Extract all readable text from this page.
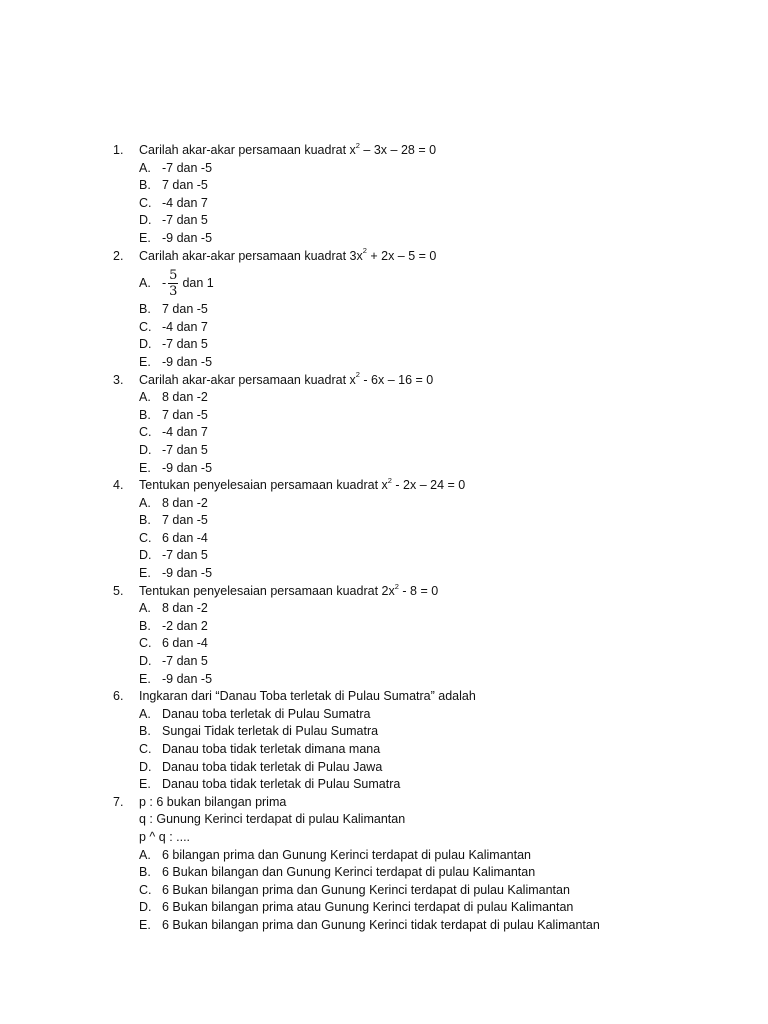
1.	Carilah akar-akar persamaan kuadrat $x^2 - 3x - 28 = 0$
A. -7 dan -5
B. 7 dan -5
C. -4 dan 7
D. -7 dan 5
E. -9 dan -5
2.	Carilah akar-akar persamaan kuadrat $3x^2 + 2x - 5 = 0$
A. - $\frac{5}{3}$ dan 1
B. 7 dan -5
C. -4 dan 7
D. -7 dan 5
E. -9 dan -5
3.	Carilah akar-akar persamaan kuadrat $x^2 - 6x - 16 = 0$
A. 8 dan -2
B. 7 dan -5
C. -4 dan 7
D. -7 dan 5
E. -9 dan -5
4.	Tentukan penyelesaian persamaan kuadrat $x^2 - 2x - 24 = 0$
A. 8 dan -2
B. 7 dan -5
C. 6 dan -4
D. -7 dan 5
E. -9 dan -5
5.	Tentukan penyelesaian persamaan kuadrat $2x^2 - 8 = 0$
A. 8 dan -2
B. -2 dan 2
C. 6 dan -4
D. -7 dan 5
E. -9 dan -5
6.	Ingkaran dari “Danau Toba terletak di Pulau Sumatra” adalah
A. Danau toba terletak di Pulau Sumatra
B. Sungai Tidak terletak di Pulau Sumatra
C. Danau toba tidak terletak dimana mana
D. Danau toba tidak terletak di Pulau Jawa
E. Danau toba tidak terletak di Pulau Sumatra
7.	p : 6 bukan bilangan prima
q : Gunung Kerinci terdapat di pulau Kalimantan
p ^ q : ....
A. 6 bilangan prima dan Gunung Kerinci terdapat di pulau Kalimantan
B. 6 Bukan bilangan dan Gunung Kerinci terdapat di pulau Kalimantan
C. 6 Bukan bilangan prima dan Gunung Kerinci terdapat di pulau Kalimantan
D. 6 Bukan bilangan prima atau Gunung Kerinci terdapat di pulau Kalimantan
E. 6 Bukan bilangan prima dan Gunung Kerinci tidak terdapat di pulau Kalimantan
